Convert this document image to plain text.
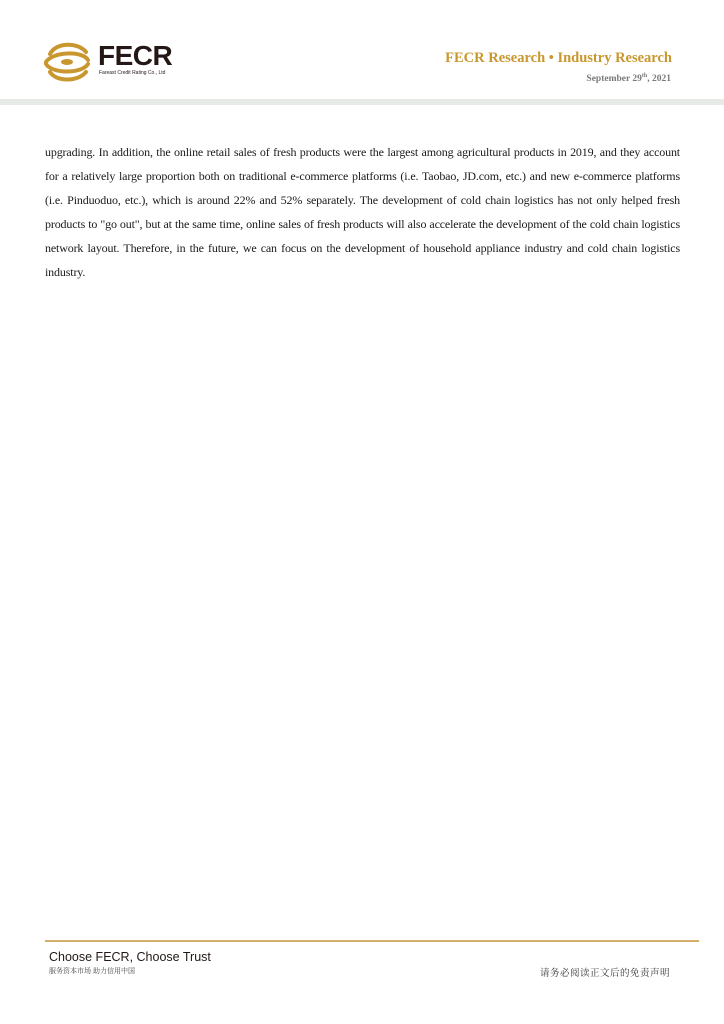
FECR
Fareast Credit Rating Co., Ltd
FECR Research • Industry Research
September 29th, 2021
upgrading. In addition, the online retail sales of fresh products were the largest among agricultural products in 2019, and they account for a relatively large proportion both on traditional e-commerce platforms (i.e. Taobao, JD.com, etc.) and new e-commerce platforms (i.e. Pinduoduo, etc.), which is around 22% and 52% separately. The development of cold chain logistics has not only helped fresh products to "go out", but at the same time, online sales of fresh products will also accelerate the development of the cold chain logistics network layout. Therefore, in the future, we can focus on the development of household appliance industry and cold chain logistics industry.
Choose FECR, Choose Trust
服务资本市场 助力信用中国	请务必阅读正文后的免责声明
